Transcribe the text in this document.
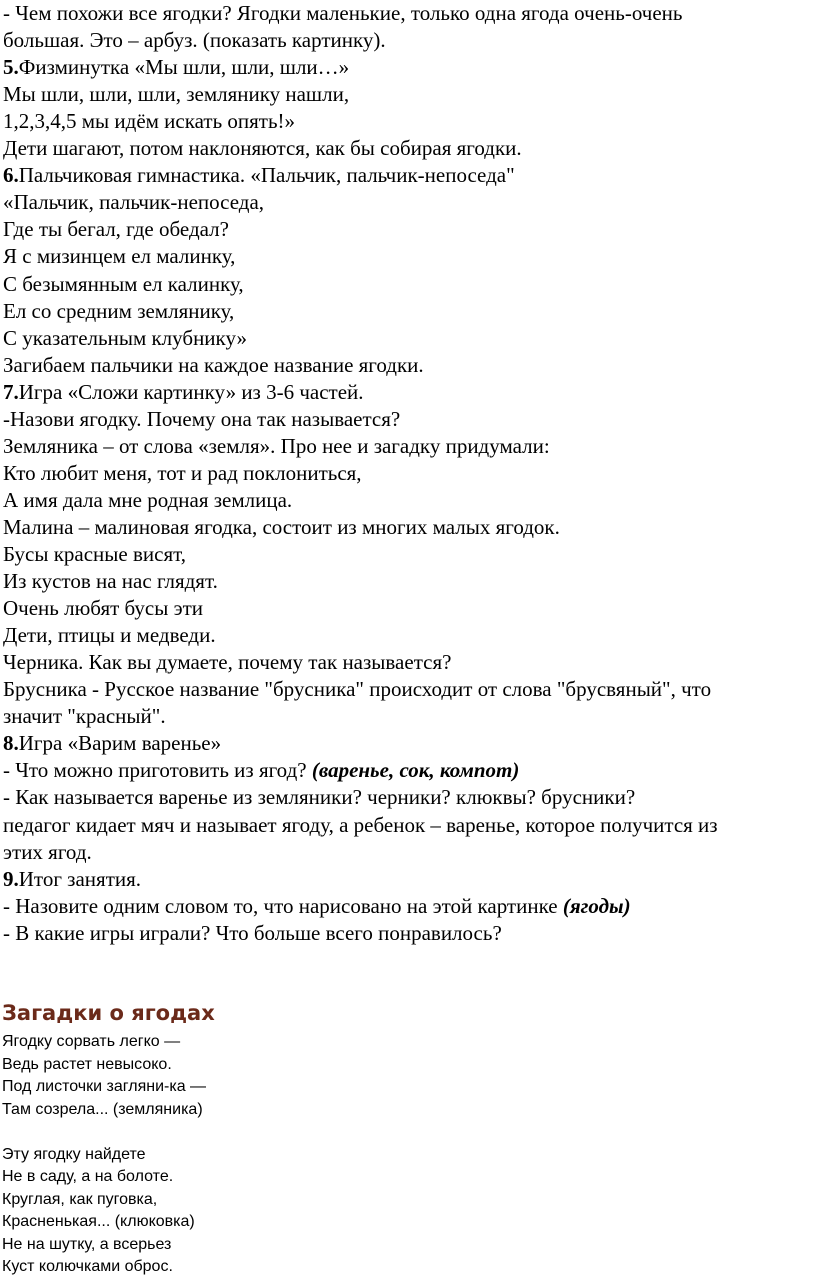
- Чем похожи все ягодки? Ягодки маленькие, только одна ягода очень-очень
большая. Это – арбуз. (показать картинку).
5.Физминутка «Мы шли, шли, шли…»
Мы шли, шли, шли, землянику нашли,
1,2,3,4,5 мы идём искать опять!»
Дети шагают, потом наклоняются, как бы собирая ягодки.
6.Пальчиковая гимнастика. «Пальчик, пальчик-непоседа"
«Пальчик, пальчик-непоседа,
Где ты бегал, где обедал?
Я с мизинцем ел малинку,
С безымянным ел калинку,
Ел со средним землянику,
С указательным клубнику»
Загибаем пальчики на каждое название ягодки.
7.Игра «Сложи картинку» из 3-6 частей.
-Назови ягодку. Почему она так называется?
Земляника – от слова «земля». Про нее и загадку придумали:
Кто любит меня, тот и рад поклониться,
А имя дала мне родная землица.
Малина – малиновая ягодка, состоит из многих малых ягодок.
Бусы красные висят,
Из кустов на нас глядят.
Очень любят бусы эти
Дети, птицы и медведи.
Черника. Как вы думаете, почему так называется?
Брусника - Русское название "брусника" происходит от слова "брусвяный", что
значит "красный".
8.Игра «Варим варенье»
- Что можно приготовить из ягод? (варенье, сок, компот)
- Как называется варенье из земляники? черники? клюквы? брусники?
педагог кидает мяч и называет ягоду, а ребенок – варенье, которое получится из
этих ягод.
9.Итог занятия.
- Назовите одним словом то, что нарисовано на этой картинке (ягоды)
- В какие игры играли? Что больше всего понравилось?
Загадки о ягодах
Ягодку сорвать легко —
Ведь растет невысоко.
Под листочки загляни-ка —
Там созрела... (земляника)
Эту ягодку найдете
Не в саду, а на болоте.
Круглая, как пуговка,
Красненькая... (клюковка)
Не на шутку, а всерьез
Куст колючками оброс.
